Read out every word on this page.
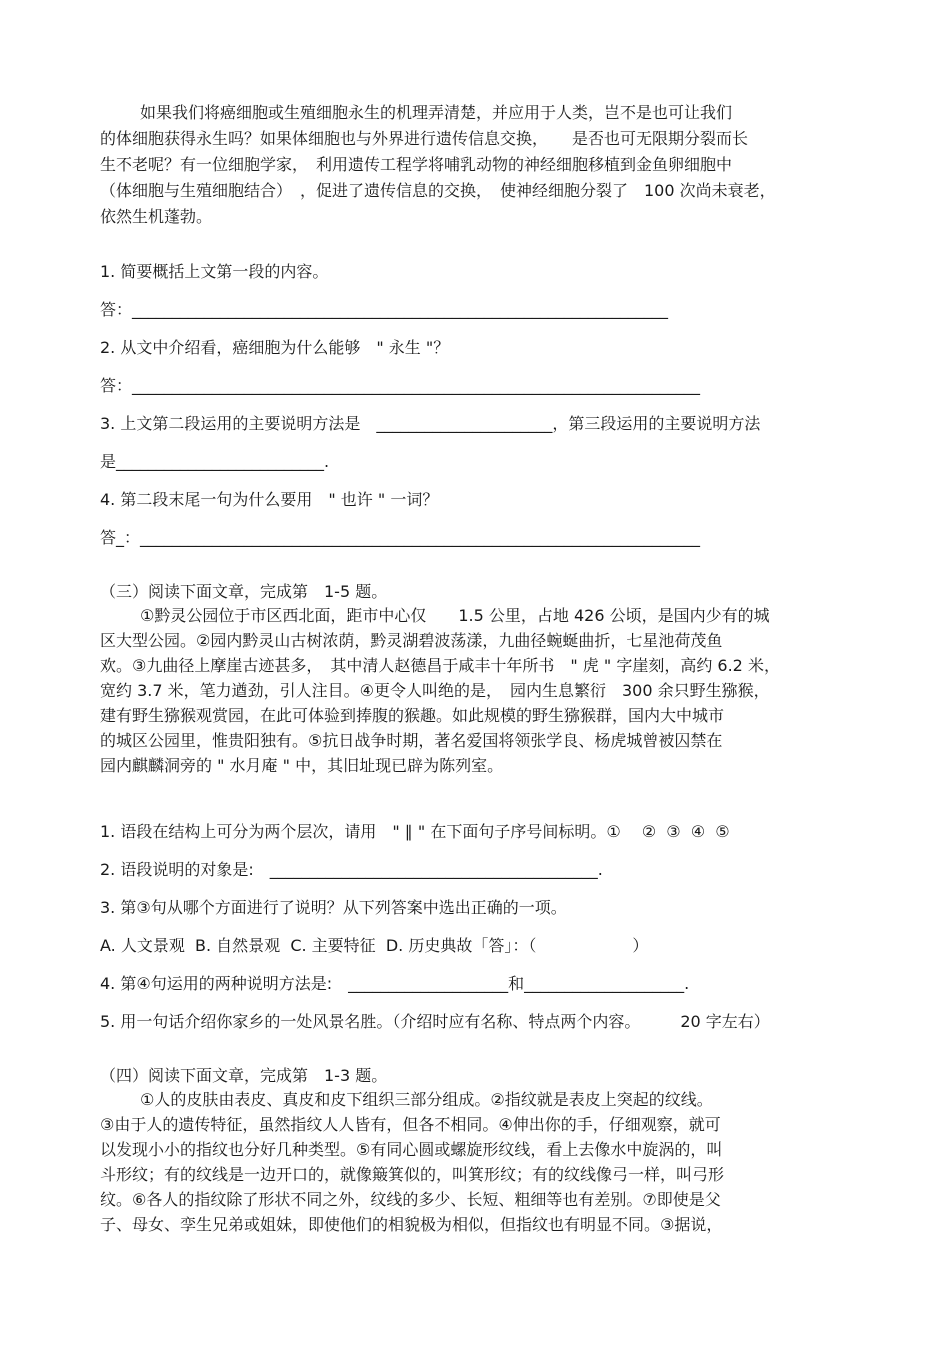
如果我们将癌细胞或生殖细胞永生的机理弄清楚，并应用于人类，岂不是也可让我们
的体细胞获得永生吗？如果体细胞也与外界进行遗传信息交换，　　是否也可无限期分裂而长
生不老呢？有一位细胞学家，　利用遗传工程学将哺乳动物的神经细胞移植到金鱼卵细胞中
（体细胞与生殖细胞结合）　，促进了遗传信息的交换，　使神经细胞分裂了　100 次尚未衰老，
依然生机蓬勃。
1. 简要概括上文第一段的内容。
答：___________________________________________________________________
2. 从文中介绍看，癌细胞为什么能够　" 永生 "？
答：_______________________________________________________________________
3. 上文第二段运用的主要说明方法是　______________________，第三段运用的主要说明方法
是__________________________.
4. 第二段末尾一句为什么要用　" 也许 " 一词？
答_：______________________________________________________________________
（三）阅读下面文章，完成第　1-5 题。
①黔灵公园位于市区西北面，距市中心仅　　1.5 公里，占地 426 公顷，是国内少有的城
区大型公园。②园内黔灵山古树浓荫，黔灵湖碧波荡漾，九曲径蜿蜒曲折，七星池荷茂鱼
欢。③九曲径上摩崖古迹甚多，　其中清人赵德昌于咸丰十年所书　" 虎 " 字崖刻，高约 6.2 米，
宽约 3.7 米，笔力遒劲，引人注目。④更令人叫绝的是，　园内生息繁衍　300 余只野生猕猴，
建有野生猕猴观赏园，在此可体验到捧腹的猴趣。如此规模的野生猕猴群，国内大中城市
的城区公园里，惟贵阳独有。⑤抗日战争时期，著名爱国将领张学良、杨虎城曾被囚禁在
园内麒麟洞旁的 " 水月庵 " 中，其旧址现已辟为陈列室。
1. 语段在结构上可分为两个层次，请用　" ∥ " 在下面句子序号间标明。①　 ②  ③  ④  ⑤
2. 语段说明的对象是:　_________________________________________.
3. 第③句从哪个方面进行了说明？从下列答案中选出正确的一项。
A. 人文景观  B. 自然景观  C. 主要特征  D. 历史典故「答」：（　　　　　　）
4. 第④句运用的两种说明方法是:　____________________和____________________.
5. 用一句话介绍你家乡的一处风景名胜。（介绍时应有名称、特点两个内容。　　　20 字左右）
（四）阅读下面文章，完成第　1-3 题。
①人的皮肤由表皮、真皮和皮下组织三部分组成。②指纹就是表皮上突起的纹线。
③由于人的遗传特征，虽然指纹人人皆有，但各不相同。④伸出你的手，仔细观察，就可
以发现小小的指纹也分好几种类型。⑤有同心圆或螺旋形纹线，看上去像水中旋涡的，叫
斗形纹；有的纹线是一边开口的，就像簸箕似的，叫箕形纹；有的纹线像弓一样，叫弓形
纹。⑥各人的指纹除了形状不同之外，纹线的多少、长短、粗细等也有差别。⑦即使是父
子、母女、孪生兄弟或姐妹，即使他们的相貌极为相似，但指纹也有明显不同。③据说，
